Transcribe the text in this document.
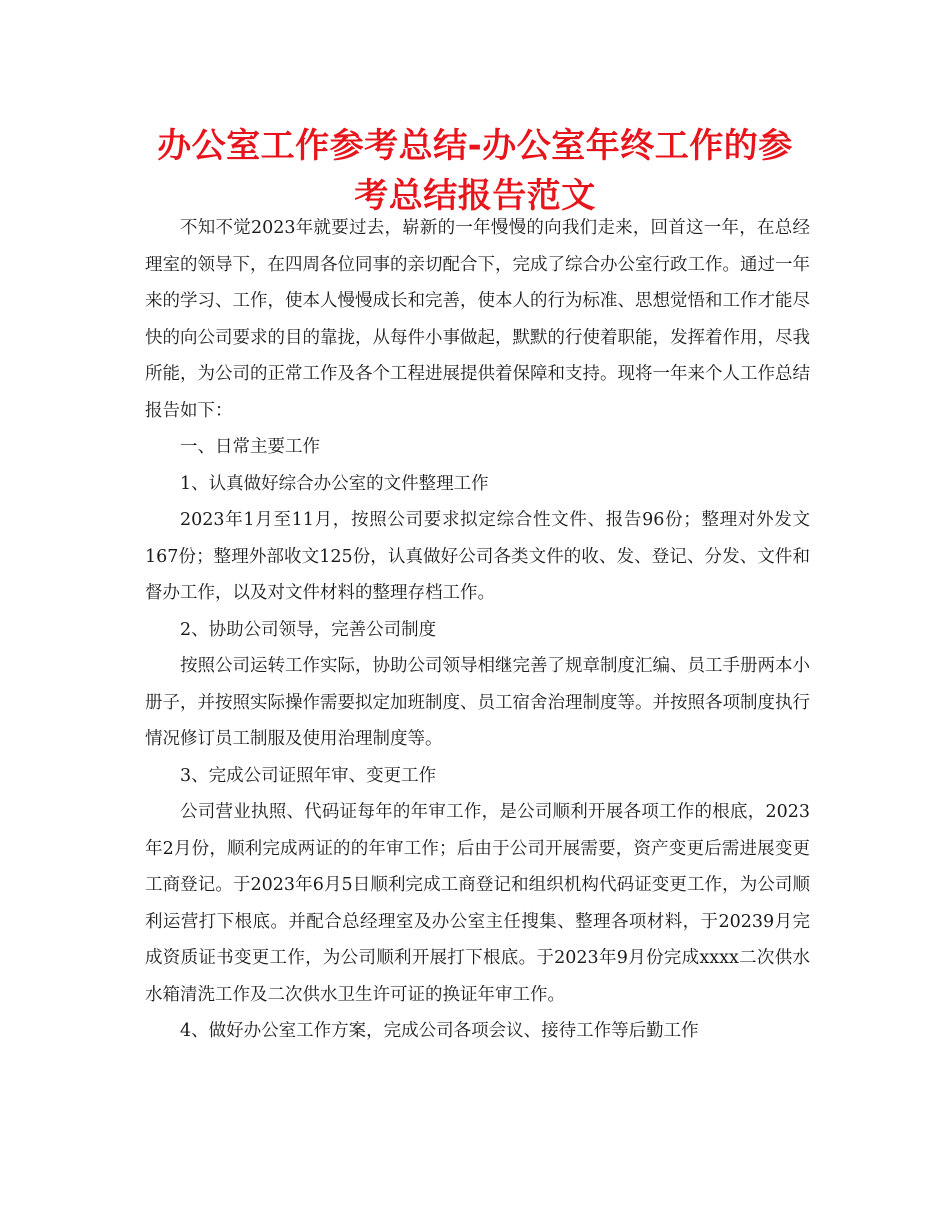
办公室工作参考总结-办公室年终工作的参考总结报告范文

不知不觉2023年就要过去，崭新的一年慢慢的向我们走来，回首这一年，在总经理室的领导下，在四周各位同事的亲切配合下，完成了综合办公室行政工作。通过一年来的学习、工作，使本人慢慢成长和完善，使本人的行为标准、思想觉悟和工作才能尽快的向公司要求的目的靠拢，从每件小事做起，默默的行使着职能，发挥着作用，尽我所能，为公司的正常工作及各个工程进展提供着保障和支持。现将一年来个人工作总结报告如下：

一、日常主要工作

1、认真做好综合办公室的文件整理工作

2023年1月至11月，按照公司要求拟定综合性文件、报告96份；整理对外发文167份；整理外部收文125份，认真做好公司各类文件的收、发、登记、分发、文件和督办工作，以及对文件材料的整理存档工作。

2、协助公司领导，完善公司制度

按照公司运转工作实际，协助公司领导相继完善了规章制度汇编、员工手册两本小册子，并按照实际操作需要拟定加班制度、员工宿舍治理制度等。并按照各项制度执行情况修订员工制服及使用治理制度等。

3、完成公司证照年审、变更工作

公司营业执照、代码证每年的年审工作，是公司顺利开展各项工作的根底，2023年2月份，顺利完成两证的的年审工作；后由于公司开展需要，资产变更后需进展变更工商登记。于2023年6月5日顺利完成工商登记和组织机构代码证变更工作，为公司顺利运营打下根底。并配合总经理室及办公室主任搜集、整理各项材料，于20239月完成资质证书变更工作，为公司顺利开展打下根底。于2023年9月份完成xxxx二次供水水箱清洗工作及二次供水卫生许可证的换证年审工作。

4、做好办公室工作方案，完成公司各项会议、接待工作等后勤工作
